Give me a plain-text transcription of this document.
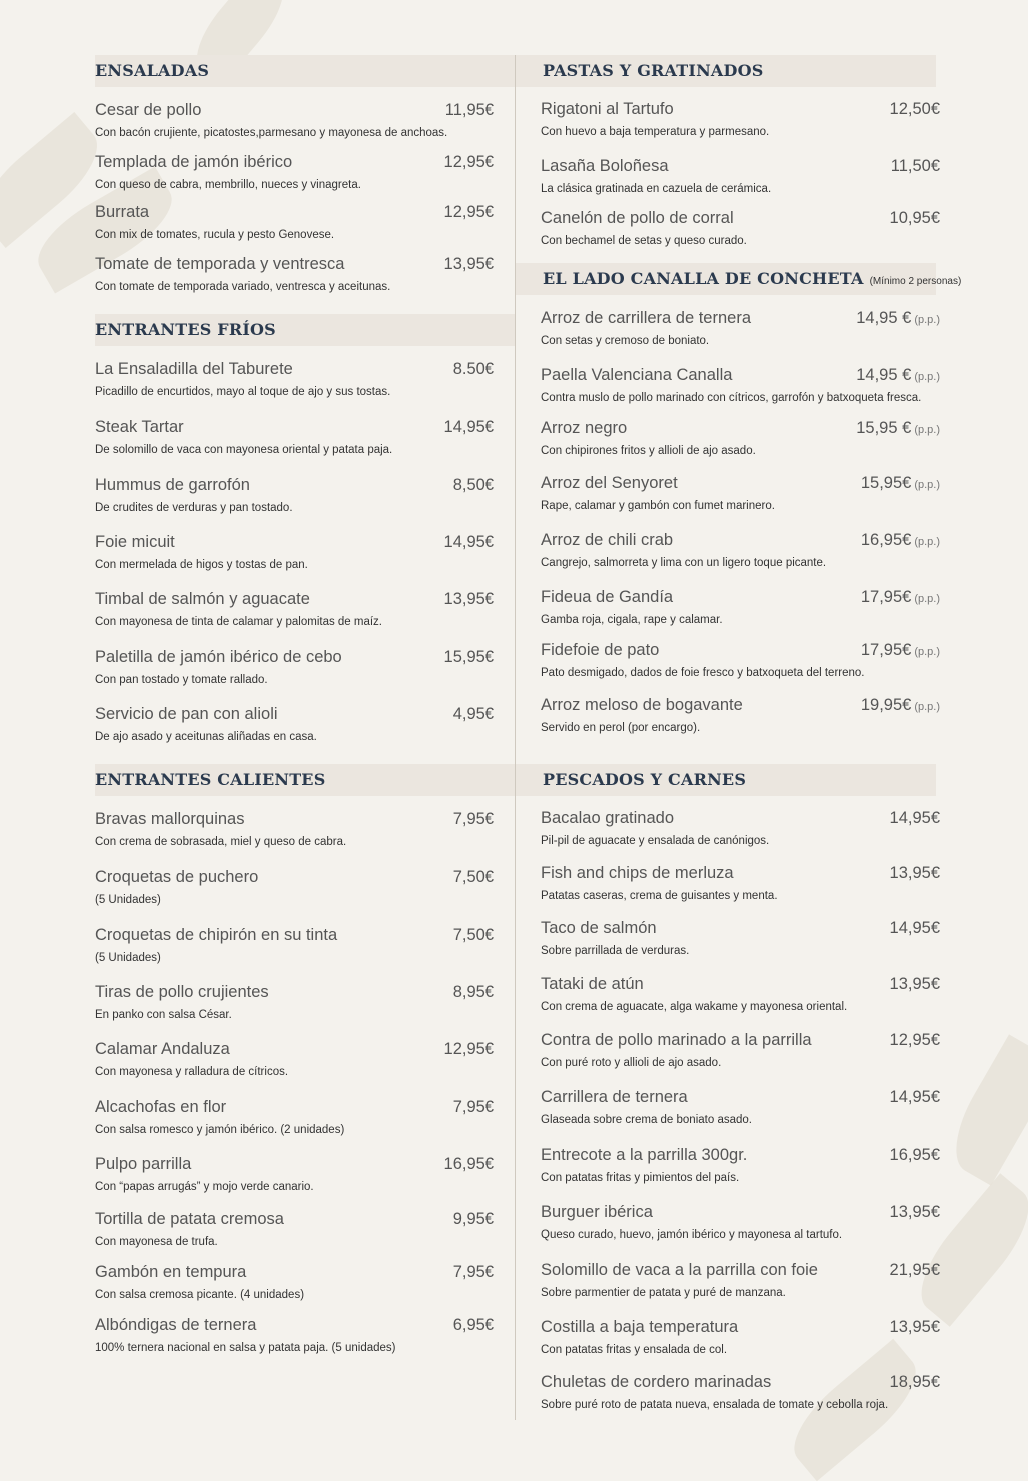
ENSALADAS
Cesar de pollo	11,95€
Con bacón crujiente, picatostes,parmesano y mayonesa de anchoas.
Templada de jamón ibérico	12,95€
Con queso de cabra, membrillo, nueces y vinagreta.
Burrata	12,95€
Con mix de tomates, rucula y pesto Genovese.
Tomate de temporada y ventresca	13,95€
Con tomate de temporada variado, ventresca y aceitunas.
ENTRANTES FRÍOS
La Ensaladilla del Taburete	8.50€
Picadillo de encurtidos, mayo al toque de ajo y sus tostas.
Steak Tartar	14,95€
De solomillo de vaca con mayonesa oriental y patata paja.
Hummus de garrofón	8,50€
De crudites de verduras y pan tostado.
Foie micuit	14,95€
Con mermelada de higos y tostas de pan.
Timbal de salmón y aguacate	13,95€
Con mayonesa de tinta de calamar y palomitas de maíz.
Paletilla de jamón ibérico de cebo	15,95€
Con pan tostado y tomate rallado.
Servicio de pan con alioli	4,95€
De ajo asado y aceitunas aliñadas en casa.
ENTRANTES CALIENTES
Bravas mallorquinas	7,95€
Con crema de sobrasada, miel y queso de cabra.
Croquetas de puchero	7,50€
(5 Unidades)
Croquetas de chipirón en su tinta	7,50€
(5 Unidades)
Tiras de pollo crujientes	8,95€
En panko con salsa César.
Calamar Andaluza	12,95€
Con mayonesa y ralladura de cítricos.
Alcachofas en flor	7,95€
Con salsa romesco y jamón ibérico. (2 unidades)
Pulpo parrilla	16,95€
Con “papas arrugás” y mojo verde canario.
Tortilla de patata cremosa	9,95€
Con mayonesa de trufa.
Gambón en tempura	7,95€
Con salsa cremosa picante. (4 unidades)
Albóndigas de ternera	6,95€
100% ternera nacional en salsa y patata paja. (5 unidades)
PASTAS Y GRATINADOS
Rigatoni al Tartufo	12,50€
Con huevo a baja temperatura y parmesano.
Lasaña Boloñesa	11,50€
La clásica gratinada en cazuela de cerámica.
Canelón de pollo de corral	10,95€
Con bechamel de setas y queso curado.
EL LADO CANALLA DE CONCHETA (Mínimo 2 personas)
Arroz de carrillera de ternera	14,95 € (p.p.)
Con setas y cremoso de boniato.
Paella Valenciana Canalla	14,95 € (p.p.)
Contra muslo de pollo marinado con cítricos, garrofón y batxoqueta fresca.
Arroz negro	15,95 € (p.p.)
Con chipirones fritos y allioli de ajo asado.
Arroz del Senyoret	15,95€ (p.p.)
Rape, calamar y gambón con fumet marinero.
Arroz de chili crab	16,95€ (p.p.)
Cangrejo, salmorreta y lima con un ligero toque picante.
Fideua de Gandía	17,95€ (p.p.)
Gamba roja, cigala, rape y calamar.
Fidefoie de pato	17,95€ (p.p.)
Pato desmigado, dados de foie fresco y batxoqueta del terreno.
Arroz meloso de bogavante	19,95€ (p.p.)
Servido en perol (por encargo).
PESCADOS Y CARNES
Bacalao gratinado	14,95€
Pil-pil de aguacate y ensalada de canónigos.
Fish and chips de merluza	13,95€
Patatas caseras, crema de guisantes y menta.
Taco de salmón	14,95€
Sobre parrillada de verduras.
Tataki de atún	13,95€
Con crema de aguacate, alga wakame y mayonesa oriental.
Contra de pollo marinado a la parrilla	12,95€
Con puré roto y allioli de ajo asado.
Carrillera de ternera	14,95€
Glaseada sobre crema de boniato asado.
Entrecote a la parrilla 300gr.	16,95€
Con patatas fritas y pimientos del país.
Burguer ibérica	13,95€
Queso curado, huevo, jamón ibérico y mayonesa al tartufo.
Solomillo de vaca a la parrilla con foie	21,95€
Sobre parmentier de patata y puré de manzana.
Costilla a baja temperatura	13,95€
Con patatas fritas y ensalada de col.
Chuletas de cordero marinadas	18,95€
Sobre puré roto de patata nueva, ensalada de tomate y cebolla roja.
